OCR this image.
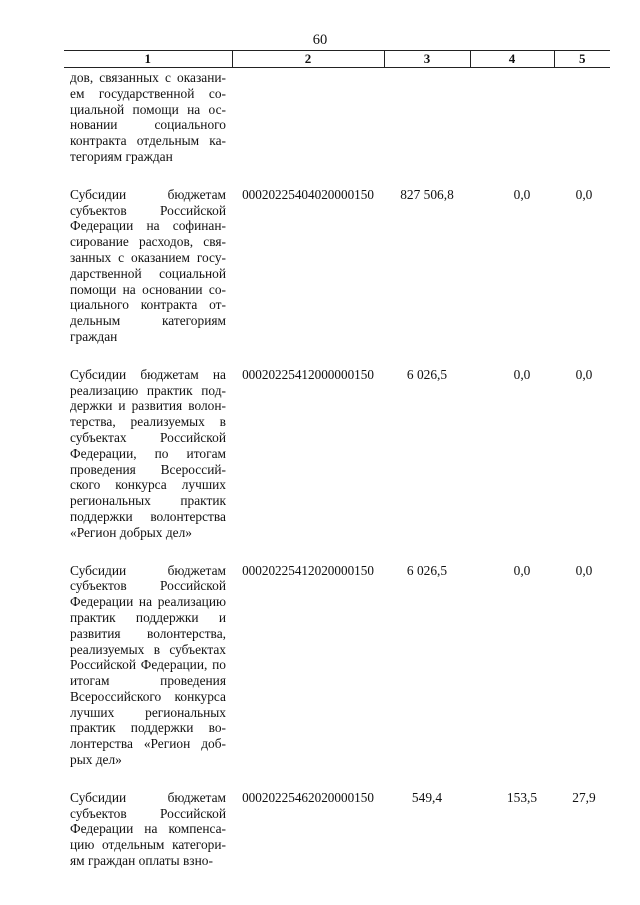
60
1	2	3	4	5
дов, связанных с оказанием государственной социальной помощи на основании социального контракта отдельным категориям граждан				
Субсидии бюджетам субъектов Российской Федерации на софинансирование расходов, связанных с оказанием государственной социальной помощи на основании социального контракта отдельным категориям граждан	00020225404020000150	827 506,8	0,0	0,0
Субсидии бюджетам на реализацию практик поддержки и развития волонтерства, реализуемых в субъектах Российской Федерации, по итогам проведения Всероссийского конкурса лучших региональных практик поддержки волонтерства «Регион добрых дел»	00020225412000000150	6 026,5	0,0	0,0
Субсидии бюджетам субъектов Российской Федерации на реализацию практик поддержки и развития волонтерства, реализуемых в субъектах Российской Федерации, по итогам проведения Всероссийского конкурса лучших региональных практик поддержки волонтерства «Регион добрых дел»	00020225412020000150	6 026,5	0,0	0,0
Субсидии бюджетам субъектов Российской Федерации на компенсацию отдельным категориям граждан оплаты взно-	00020225462020000150	549,4	153,5	27,9
